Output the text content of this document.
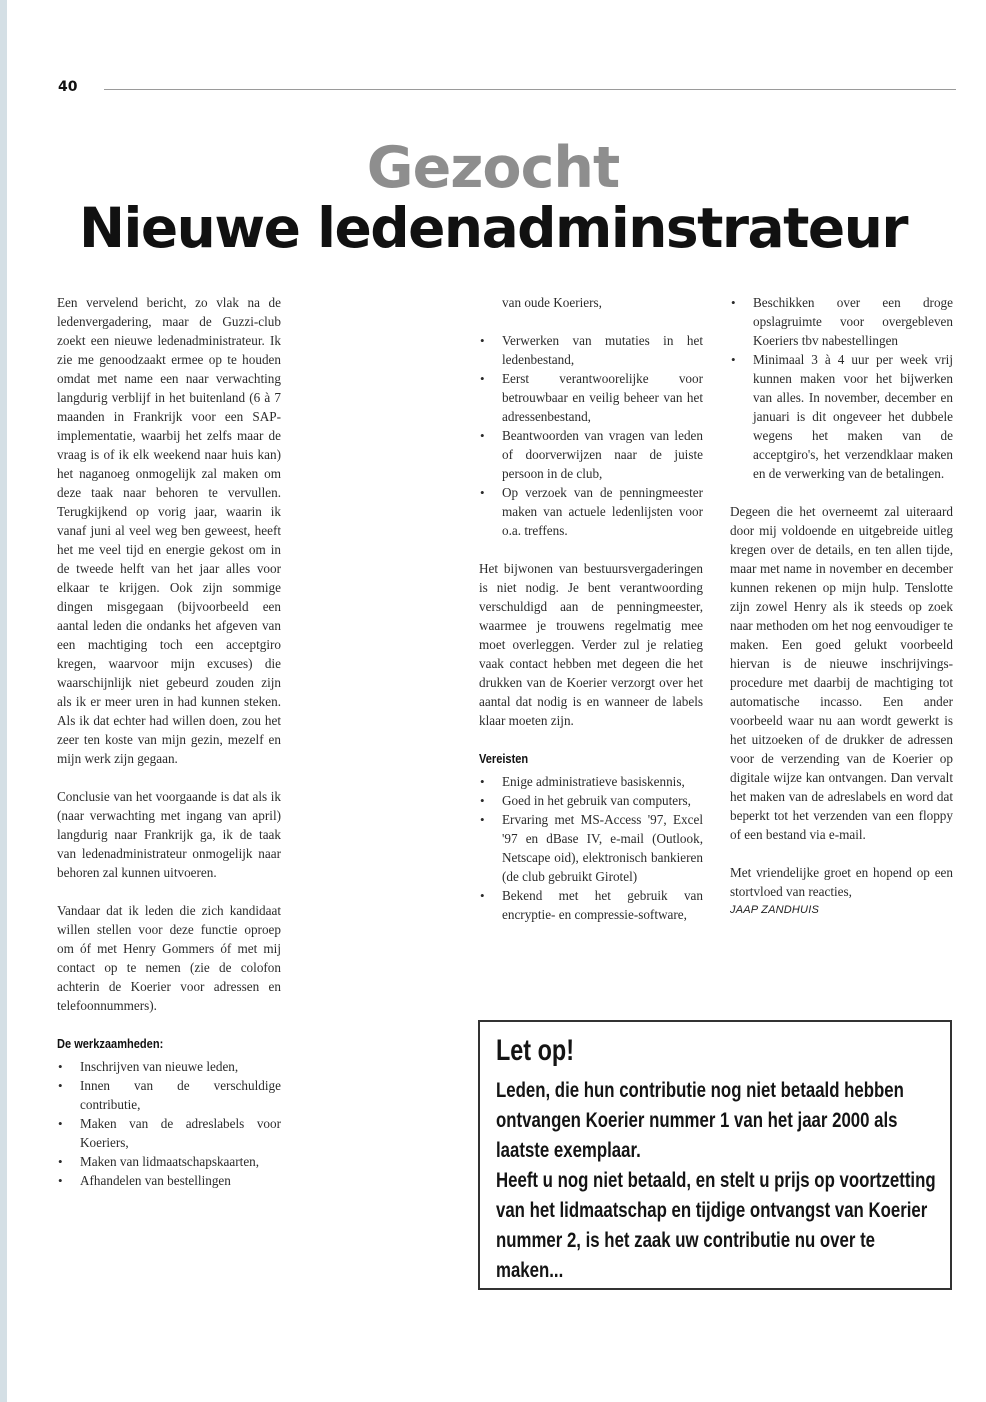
40
Gezocht
Nieuwe ledenadminstrateur

Een vervelend bericht, zo vlak na de ledenvergadering, maar de Guzzi-club zoekt een nieuwe ledenadministrateur. Ik zie me genoodzaakt ermee op te houden omdat met name een naar verwachting langdurig verblijf in het buitenland (6 à 7 maanden in Frankrijk voor een SAP-implementatie, waarbij het zelfs maar de vraag is of ik elk weekend naar huis kan) het naganoeg onmogelijk zal maken om deze taak naar behoren te vervullen. Terugkijkend op vorig jaar, waarin ik vanaf juni al veel weg ben geweest, heeft het me veel tijd en energie gekost om in de tweede helft van het jaar alles voor elkaar te krijgen. Ook zijn sommige dingen misgegaan (bijvoorbeeld een aantal leden die ondanks het afgeven van een machtiging toch een acceptgiro kregen, waarvoor mijn excuses) die waarschijnlijk niet gebeurd zouden zijn als ik er meer uren in had kunnen steken. Als ik dat echter had willen doen, zou het zeer ten koste van mijn gezin, mezelf en mijn werk zijn gegaan.

Conclusie van het voorgaande is dat als ik (naar verwachting met ingang van april) langdurig naar Frankrijk ga, ik de taak van ledenadministrateur onmogelijk naar behoren zal kunnen uitvoeren.

Vandaar dat ik leden die zich kandidaat willen stellen voor deze functie oproep om óf met Henry Gommers óf met mij contact op te nemen (zie de colofon achterin de Koerier voor adressen en telefoonnummers).

De werkzaamheden:
• Inschrijven van nieuwe leden,
• Innen van de verschuldige contributie,
• Maken van de adreslabels voor Koeriers,
• Maken van lidmaatschapskaarten,
• Afhandelen van bestellingen

van oude Koeriers,

• Verwerken van mutaties in het ledenbestand,
• Eerst verantwoorelijke voor betrouwbaar en veilig beheer van het adressenbestand,
• Beantwoorden van vragen van leden of doorverwijzen naar de juiste persoon in de club,
• Op verzoek van de penningmeester maken van actuele ledenlijsten voor o.a. treffens.

Het bijwonen van bestuursvergaderingen is niet nodig. Je bent verantwoording verschuldigd aan de penningmeester, waarmee je trouwens regelmatig mee moet overleggen. Verder zul je relatieg vaak contact hebben met degeen die het drukken van de Koerier verzorgt over het aantal dat nodig is en wanneer de labels klaar moeten zijn.

Vereisten
• Enige administratieve basiskennis,
• Goed in het gebruik van computers,
• Ervaring met MS-Access '97, Excel '97 en dBase IV, e-mail (Outlook, Netscape oid), elektronisch bankieren (de club gebruikt Girotel)
• Bekend met het gebruik van encryptie- en compressie-software,
• Beschikken over een droge opslagruimte voor overgebleven Koeriers tbv nabestellingen
• Minimaal 3 à 4 uur per week vrij kunnen maken voor het bijwerken van alles. In november, december en januari is dit ongeveer het dubbele wegens het maken van de acceptgiro's, het verzendklaar maken en de verwerking van de betalingen.

Degeen die het overneemt zal uiteraard door mij voldoende en uitgebreide uitleg kregen over de details, en ten allen tijde, maar met name in november en december kunnen rekenen op mijn hulp. Tenslotte zijn zowel Henry als ik steeds op zoek naar methoden om het nog eenvoudiger te maken. Een goed gelukt voorbeeld hiervan is de nieuwe inschrijvings-procedure met daarbij de machtiging tot automatische incasso. Een ander voorbeeld waar nu aan wordt gewerkt is het uitzoeken of de drukker de adressen voor de verzending van de Koerier op digitale wijze kan ontvangen. Dan vervalt het maken van de adreslabels en word dat beperkt tot het verzenden van een floppy of een bestand via e-mail.

Met vriendelijke groet en hopend op een stortvloed van reacties,

JAAP ZANDHUIS

Let op!

Leden, die hun contributie nog niet betaald hebben ontvangen Koerier nummer 1 van het jaar 2000 als laatste exemplaar.
Heeft u nog niet betaald, en stelt u prijs op voortzetting van het lidmaatschap en tijdige ontvangst van Koerier nummer 2, is het zaak uw contributie nu over te maken...
